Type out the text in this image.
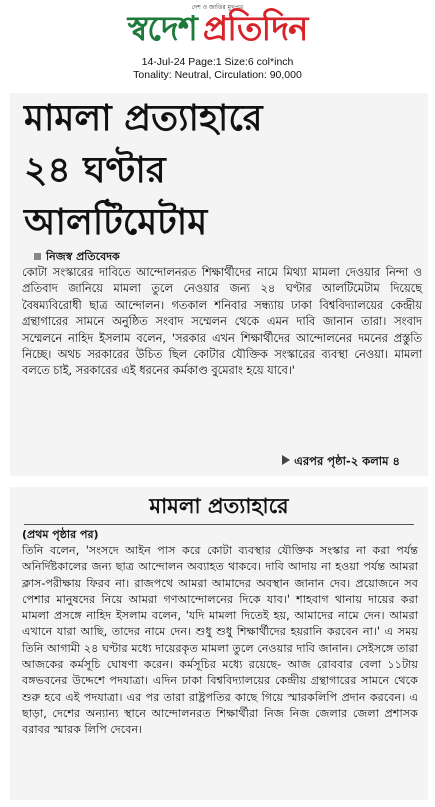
দেশ ও জাতির মুখপত্র
স্বদেশ প্রতিদিন
14-Jul-24 Page:1 Size:6 col*inch
Tonality: Neutral, Circulation: 90,000
মামলা প্রত্যাহারে
২৪ ঘণ্টার
আলটিমেটাম
নিজস্ব প্রতিবেদক
কোটা সংস্কারের দাবিতে আন্দোলনরত শিক্ষার্থীদের নামে মিথ্যা মামলা দেওয়ার নিন্দা ও প্রতিবাদ জানিয়ে মামলা তুলে নেওয়ার জন্য ২৪ ঘণ্টার আলটিমেটাম দিয়েছে বৈষম্যবিরোধী ছাত্র আন্দোলন। গতকাল শনিবার সন্ধ্যায় ঢাকা বিশ্ববিদ্যালয়ের কেন্দ্রীয় গ্রন্থাগারের সামনে অনুষ্ঠিত সংবাদ সম্মেলন থেকে এমন দাবি জানান তারা। সংবাদ সম্মেলনে নাহিদ ইসলাম বলেন, 'সরকার এখন শিক্ষার্থীদের আন্দোলনের দমনের প্রস্তুতি নিচ্ছে। অথচ সরকারের উচিত ছিল কোটার যৌক্তিক সংস্কারের ব্যবস্থা নেওয়া। মামলা বলতে চাই, সরকারের এই ধরনের কর্মকাণ্ড বুমেরাং হয়ে যাবে।'
এরপর পৃষ্ঠা-২ কলাম ৪
মামলা প্রত্যাহারে
(প্রথম পৃষ্ঠার পর)
তিনি বলেন, 'সংসদে আইন পাস করে কোটা ব্যবস্থার যৌক্তিক সংস্কার না করা পর্যন্ত অনির্দিষ্টকালের জন্য ছাত্র আন্দোলন অব্যাহত থাকবে। দাবি আদায় না হওয়া পর্যন্ত আমরা ক্লাস-পরীক্ষায় ফিরব না। রাজপথে আমরা আমাদের অবস্থান জানান দেব। প্রয়োজনে সব পেশার মানুষদের নিয়ে আমরা গণআন্দোলনের দিকে যাব।' শাহবাগ থানায় দায়ের করা মামলা প্রসঙ্গে নাহিদ ইসলাম বলেন, 'যদি মামলা দিতেই হয়, আমাদের নামে দেন। আমরা এখানে যারা আছি, তাদের নামে দেন। শুধু শুধু শিক্ষার্থীদের হয়রানি করবেন না।' এ সময় তিনি আগামী ২৪ ঘণ্টার মধ্যে দায়েরকৃত মামলা তুলে নেওয়ার দাবি জানান। সেইসঙ্গে তারা আজকের কর্মসূচি ঘোষণা করেন। কর্মসূচির মধ্যে রয়েছে- আজ রোববার বেলা ১১টায় বঙ্গভবনের উদ্দেশে পদযাত্রা। এদিন ঢাকা বিশ্ববিদ্যালয়ের কেন্দ্রীয় গ্রন্থাগারের সামনে থেকে শুরু হবে এই পদযাত্রা। এর পর তারা রাষ্ট্রপতির কাছে গিয়ে স্মারকলিপি প্রদান করবেন। এ ছাড়া, দেশের অন্যান্য স্থানে আন্দোলনরত শিক্ষার্থীরা নিজ নিজ জেলার জেলা প্রশাসক বরাবর স্মারক লিপি দেবেন।
